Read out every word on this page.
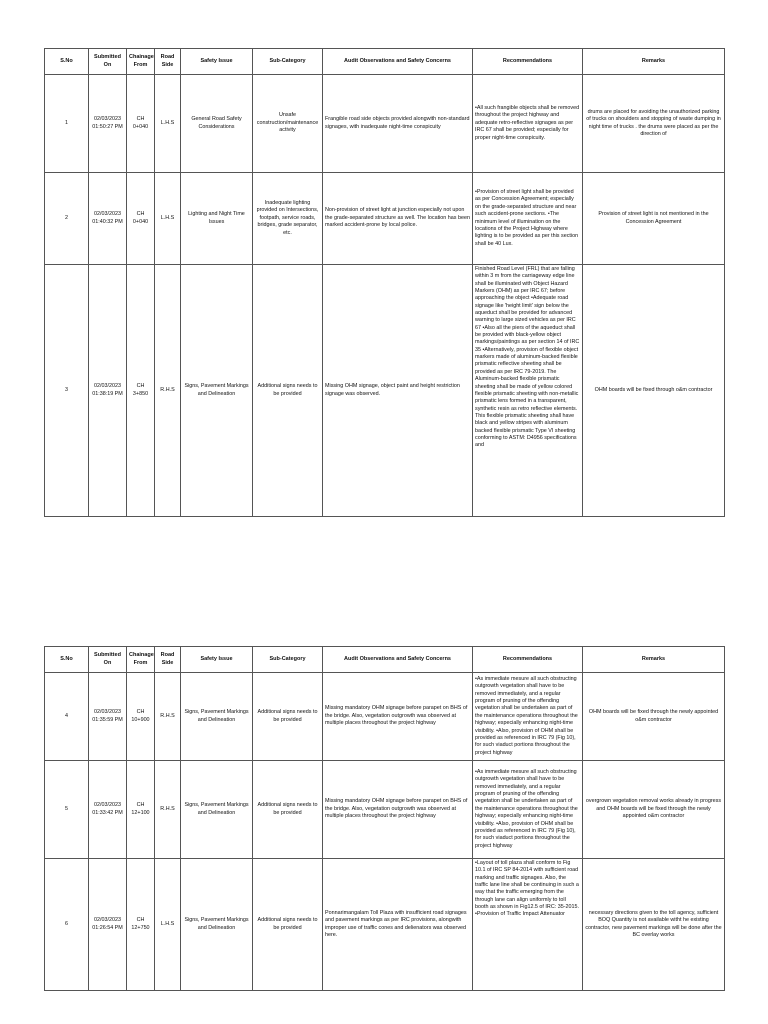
S.No	Submitted On	Chainage From	Road Side	Safety Issue	Sub-Category	Audit Observations and Safety Concerns	Recommendations	Remarks
1	02/03/2023 01:50:27 PM	CH 0+040	L.H.S	General Road Safety Considerations	Unsafe construction/maintenance activity	Frangible road side objects provided alongwith non-standard signages, with inadequate night-time conspicuity	•All such frangible objects shall be removed throughout the project highway and adequate retro-reflective signages as per IRC 67 shall be provided; especially for proper night-time conspicuity.	drums are placed for avoiding the unauthorized parking of trucks on shoulders and stopping of waste dumping in night time of trucks . the drums were placed as per the direction of
2	02/03/2023 01:40:32 PM	CH 0+040	L.H.S	Lighting and Night Time Issues	Inadequate lighting provided on Intersections, footpath, service roads, bridges, grade separator, etc.	Non-provision of street light at junction especially not upon the grade-separated structure as well. The location has been marked accident-prone by local police.	•Provision of street light shall be provided as per Concession Agreement; especially on the grade-separated structure and near such accident-prone sections. •The minimum level of illumination on the locations of the Project Highway where lighting is to be provided as per this section shall be 40 Lux.	Provision of street light is not mentioned in the Concession Agreement
3	02/03/2023 01:38:19 PM	CH 3+850	R.H.S	Signs, Pavement Markings and Delineation	Additional signs needs to be provided	Missing OHM signage, object paint and height restriction signage was observed.	Finished Road Level (FRL) that are falling within 3 m from the carriageway edge line shall be illuminated with Object Hazard Markers (OHM) as per IRC 67; before approaching the object •Adequate road signage like 'height limit' sign below the aqueduct shall be provided for advanced warning to large sized vehicles as per IRC 67 •Also all the piers of the aqueduct shall be provided with black-yellow object markings/paintings as per section 14 of IRC 35 •Alternatively, provision of flexible object markers made of aluminum-backed flexible prismatic reflective sheeting shall be provided as per IRC 79-2019. The Aluminum-backed flexible prismatic sheeting shall be made of yellow colored flexible prismatic sheeting with non-metallic prismatic lens formed in a transparent, synthetic resin as retro reflective elements. This flexible prismatic sheeting shall have black and yellow stripes with aluminum backed flexible prismatic Type VI sheeting conforming to ASTM: D4956 specifications and	OHM boards will be fixed through o&m contractor
S.No	Submitted On	Chainage From	Road Side	Safety Issue	Sub-Category	Audit Observations and Safety Concerns	Recommendations	Remarks
4	02/03/2023 01:35:59 PM	CH 10+900	R.H.S	Signs, Pavement Markings and Delineation	Additional signs needs to be provided	Missing mandatory OHM signage before parapet on BHS of the bridge. Also, vegetation outgrowth was observed at multiple places throughout the project highway	•As immediate mesure all such obstructing outgrowth vegetation shall have to be removed immediately, and a regular program of pruning of the offending vegetation shall be undertaken as part of the maintenance operations throughout the highway; especially enhancing night-time visibility. •Also, provision of OHM shall be provided as referenced in IRC 79 (Fig 10), for such viaduct portions throughout the project highway	OHM boards will be fixed through the newly appointed o&m contractor
5	02/03/2023 01:33:42 PM	CH 12+100	R.H.S	Signs, Pavement Markings and Delineation	Additional signs needs to be provided	Missing mandatory OHM signage before parapet on BHS of the bridge. Also, vegetation outgrowth was observed at multiple places throughout the project highway	•As immediate mesure all such obstructing outgrowth vegetation shall have to be removed immediately, and a regular program of pruning of the offending vegetation shall be undertaken as part of the maintenance operations throughout the highway; especially enhancing night-time visibility. •Also, provision of OHM shall be provided as referenced in IRC 79 (Fig 10), for such viaduct portions throughout the project highway	overgrown vegetation removal works already in progress and OHM boards will be fixed through the newly appointed o&m contractor
6	02/03/2023 01:26:54 PM	CH 12+750	L.H.S	Signs, Pavement Markings and Delineation	Additional signs needs to be provided	Ponnarimangalam Toll Plaza with insufficient road signages and pavement markings as per IRC provisions, alongwith improper use of traffic cones and delienators was observed here.	•Layout of toll plaza shall conform to Fig 10.1 of IRC SP 84-2014 with sufficient road marking and traffic signages. Also, the traffic lane line shall be continuing in such a way that the traffic emerging from the through lane can align uniformly to toll booth as shown in Fig12.5 of IRC: 35-2015. •Provision of Traffic Impact Attenuator	necessary directions given to the toll agency, sufficient BOQ Quantity is not available witht he existing contractor, new pavement markings will be done after the BC overlay works
